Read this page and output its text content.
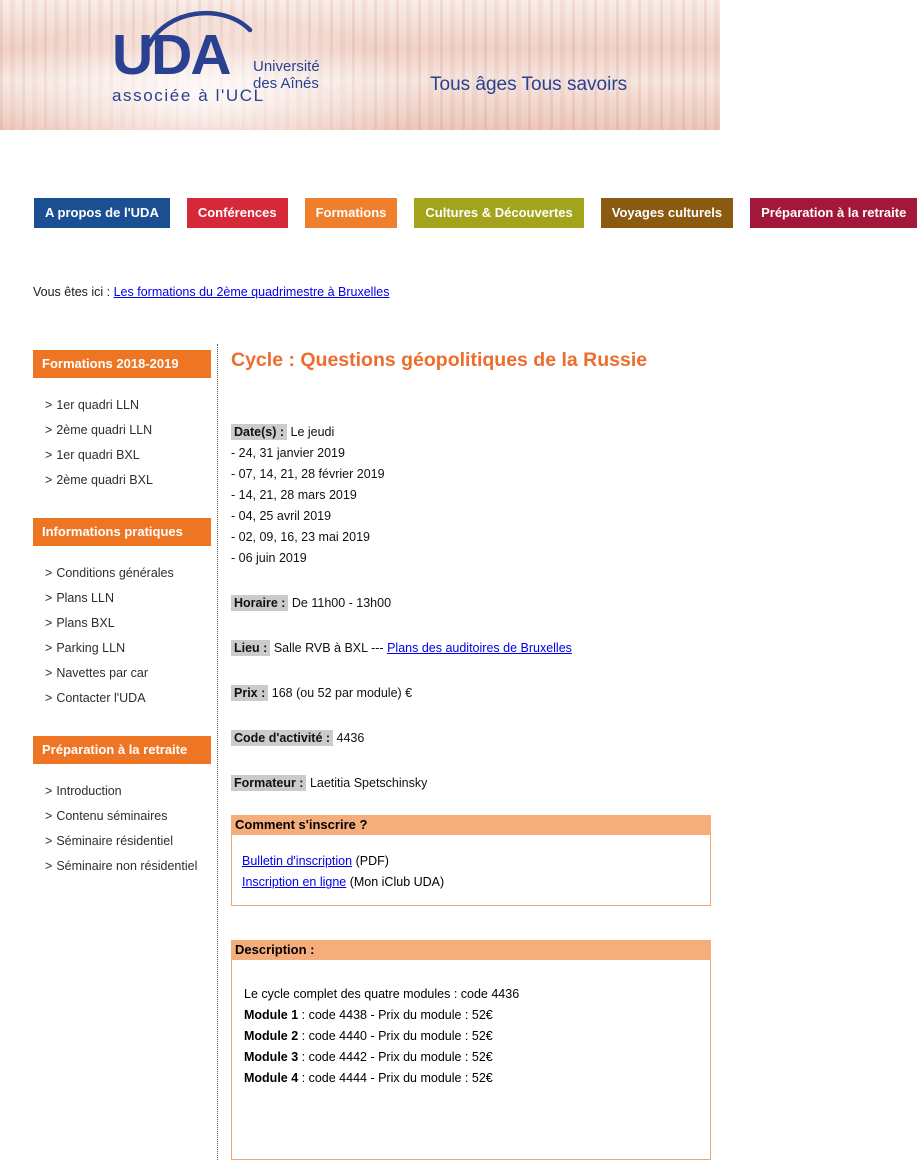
UDA
associée à l'UCL
Université
des Aînés	Tous âges Tous savoirs
A propos de l'UDA	Conférences	Formations	Cultures & Découvertes	Voyages culturels	Préparation à la retraite
Vous êtes ici : Les formations du 2ème quadrimestre à Bruxelles
Formations 2018-2019
> 1er quadri LLN
> 2ème quadri LLN
> 1er quadri BXL
> 2ème quadri BXL
Informations pratiques
> Conditions générales
> Plans LLN
> Plans BXL
> Parking LLN
> Navettes par car
> Contacter l'UDA
Préparation à la retraite
> Introduction
> Contenu séminaires
> Séminaire résidentiel
> Séminaire non résidentiel
Cycle : Questions géopolitiques de la Russie
Date(s) : Le jeudi
- 24, 31 janvier 2019
- 07, 14, 21, 28 février 2019
- 14, 21, 28 mars 2019
- 04, 25 avril 2019
- 02, 09, 16, 23 mai 2019
- 06 juin 2019
Horaire : De 11h00 - 13h00
Lieu : Salle RVB à BXL --- Plans des auditoires de Bruxelles
Prix : 168 (ou 52 par module) €
Code d'activité : 4436
Formateur : Laetitia Spetschinsky
Comment s'inscrire ?
Bulletin d'inscription (PDF)
Inscription en ligne (Mon iClub UDA)
Description :
Le cycle complet des quatre modules : code 4436
Module 1 : code 4438 - Prix du module : 52€
Module 2 : code 4440 - Prix du module : 52€
Module 3 : code 4442 - Prix du module : 52€
Module 4 : code 4444 - Prix du module : 52€
